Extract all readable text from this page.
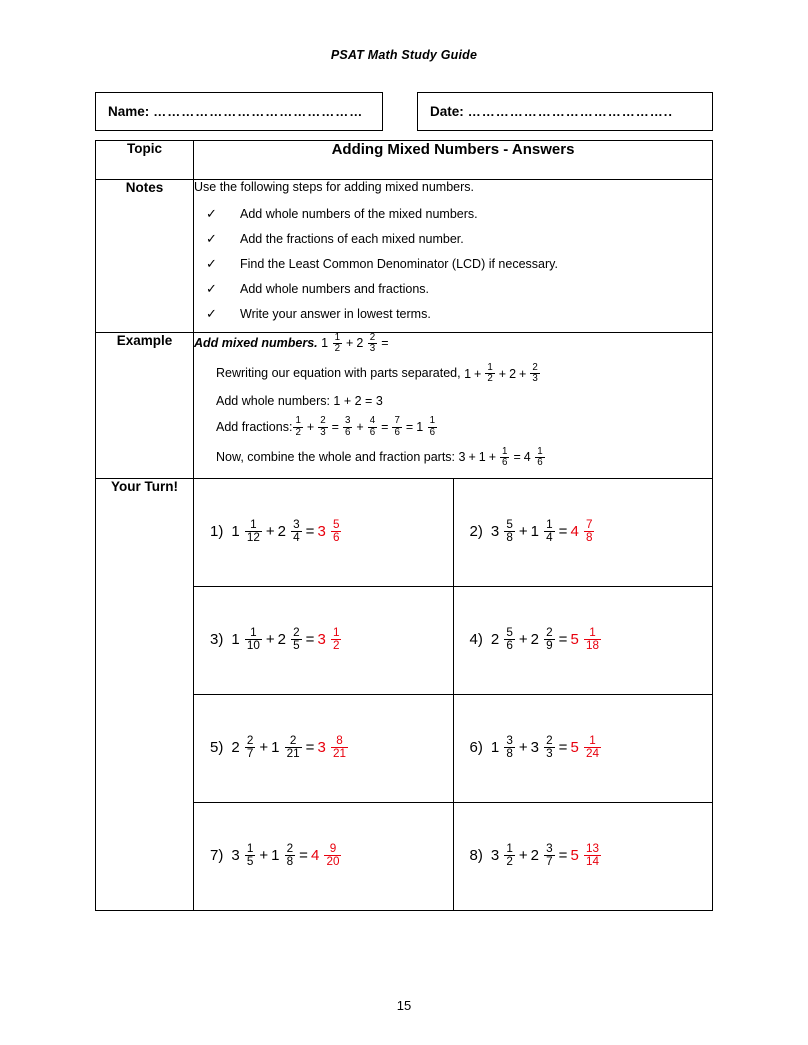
PSAT Math Study Guide
Name: ………………………………………	Date: ……………………………………..
Topic	Adding Mixed Numbers - Answers
Notes	Use the following steps for adding mixed numbers.
✓ Add whole numbers of the mixed numbers.
✓ Add the fractions of each mixed number.
✓ Find the Least Common Denominator (LCD) if necessary.
✓ Add whole numbers and fractions.
✓ Write your answer in lowest terms.

Example	Add mixed numbers. $1 \frac{1}{2} + 2 \frac{2}{3}$ =
Rewriting our equation with parts separated, $1 + \frac{1}{2} + 2 + \frac{2}{3}$
Add whole numbers: 1 + 2 = 3
Add fractions: $\frac{1}{2} + \frac{2}{3} = \frac{3}{6} + \frac{4}{6} = \frac{7}{6} = 1 \frac{1}{6}$
Now, combine the whole and fraction parts: $3 + 1 + \frac{1}{6} = 4 \frac{1}{6}$

Your Turn!	
1) $1 \frac{1}{12} + 2 \frac{3}{4} = 3 \frac{5}{6}$	2) $3 \frac{5}{8} + 1 \frac{1}{4} = 4 \frac{7}{8}$

3) $1 \frac{1}{10} + 2 \frac{2}{5} = 3 \frac{1}{2}$	4) $2 \frac{5}{6} + 2 \frac{2}{9} = 5 \frac{1}{18}$

5) $2 \frac{2}{7} + 1 \frac{2}{21} = 3 \frac{8}{21}$	6) $1 \frac{3}{8} + 3 \frac{2}{3} = 5 \frac{1}{24}$

7) $3 \frac{1}{5} + 1 \frac{2}{8} = 4 \frac{9}{20}$	8) $3 \frac{1}{2} + 2 \frac{3}{7} = 5 \frac{13}{14}$
15
